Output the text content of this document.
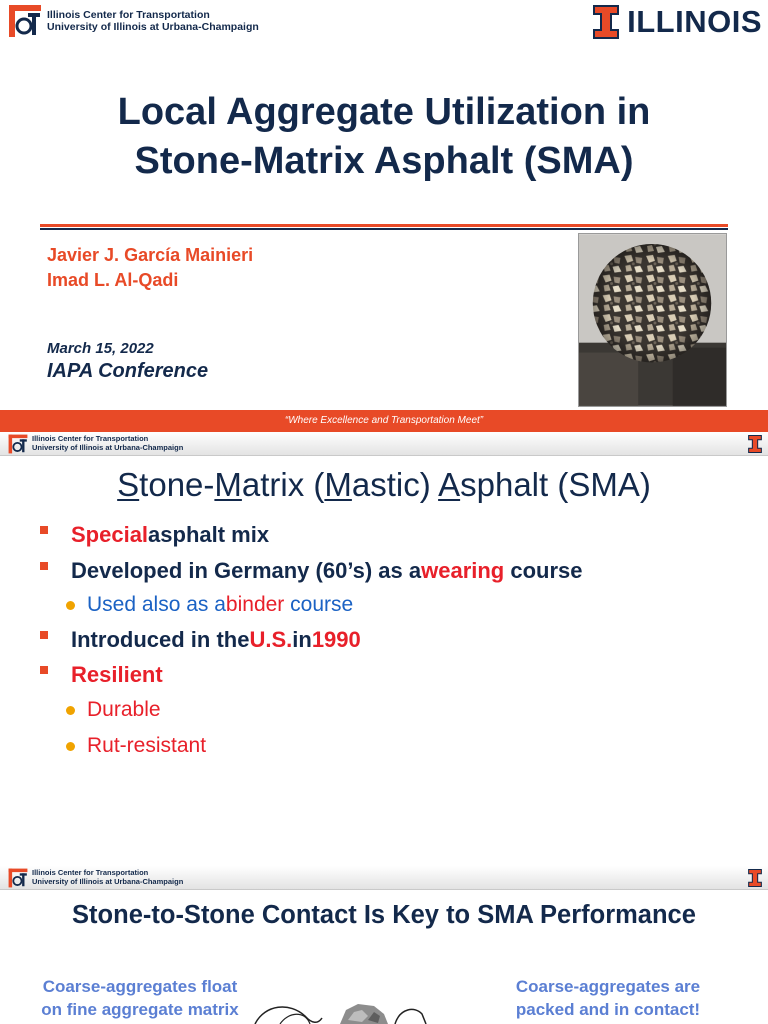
Illinois Center for Transportation
University of Illinois at Urbana-Champaign	ILLINOIS
Local Aggregate Utilization in
Stone-Matrix Asphalt (SMA)
Javier J. García Mainieri
Imad L. Al-Qadi
March 15, 2022
IAPA Conference
“Where Excellence and Transportation Meet”
Illinois Center for Transportation
University of Illinois at Urbana-Champaign
Stone-Matrix (Mastic) Asphalt (SMA)
Special asphalt mix
Developed in Germany (60’s) as a wearing
course
Used also as a binder
course
Introduced in the U.S. in 1990
Resilient
Durable
Rut-resistant
Illinois Center for Transportation
University of Illinois at Urbana-Champaign
Stone-to-Stone Contact Is Key to SMA Performance
Coarse-aggregates float
on fine aggregate matrix
Coarse-aggregates are
packed and in contact!
